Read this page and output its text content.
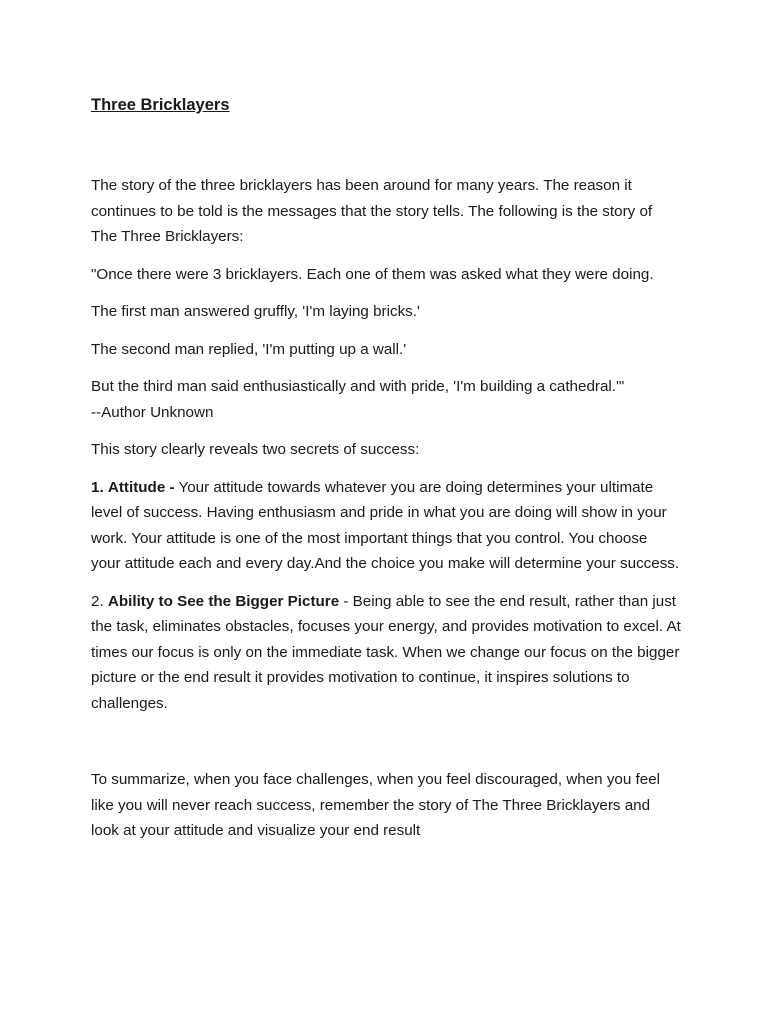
Three Bricklayers

The story of the three bricklayers has been around for many years. The reason it continues to be told is the messages that the story tells. The following is the story of The Three Bricklayers:

"Once there were 3 bricklayers. Each one of them was asked what they were doing.

The first man answered gruffly, 'I'm laying bricks.'

The second man replied, 'I'm putting up a wall.'

But the third man said enthusiastically and with pride, 'I'm building a cathedral.'"
--Author Unknown

This story clearly reveals two secrets of success:

1. Attitude - Your attitude towards whatever you are doing determines your ultimate level of success. Having enthusiasm and pride in what you are doing will show in your work. Your attitude is one of the most important things that you control. You choose your attitude each and every day.And the choice you make will determine your success.

2. Ability to See the Bigger Picture - Being able to see the end result, rather than just the task, eliminates obstacles, focuses your energy, and provides motivation to excel. At times our focus is only on the immediate task. When we change our focus on the bigger picture or the end result it provides motivation to continue, it inspires solutions to challenges.

To summarize, when you face challenges, when you feel discouraged, when you feel like you will never reach success, remember the story of The Three Bricklayers and look at your attitude and visualize your end result
